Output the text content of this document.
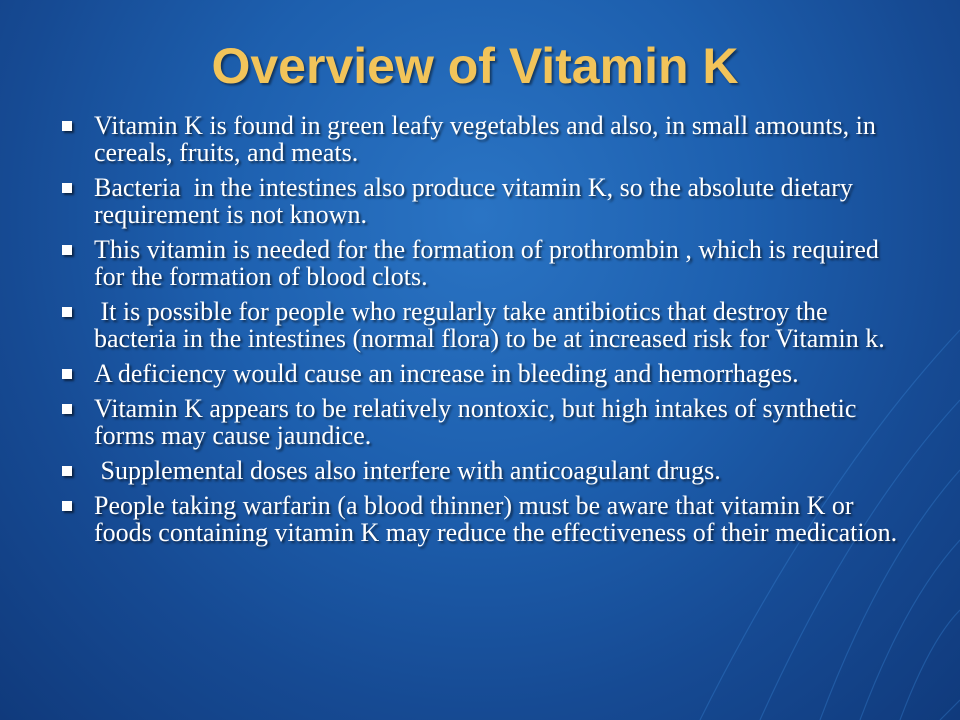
Overview of Vitamin K
Vitamin K is found in green leafy vegetables and also, in small amounts, in cereals, fruits, and meats.
Bacteria  in the intestines also produce vitamin K, so the absolute dietary requirement is not known.
This vitamin is needed for the formation of prothrombin , which is required for the formation of blood clots.
It is possible for people who regularly take antibiotics that destroy the bacteria in the intestines (normal flora) to be at increased risk for Vitamin k.
A deficiency would cause an increase in bleeding and hemorrhages.
Vitamin K appears to be relatively nontoxic, but high intakes of synthetic forms may cause jaundice.
Supplemental doses also interfere with anticoagulant drugs.
People taking warfarin (a blood thinner) must be aware that vitamin K or foods containing vitamin K may reduce the effectiveness of their medication.
